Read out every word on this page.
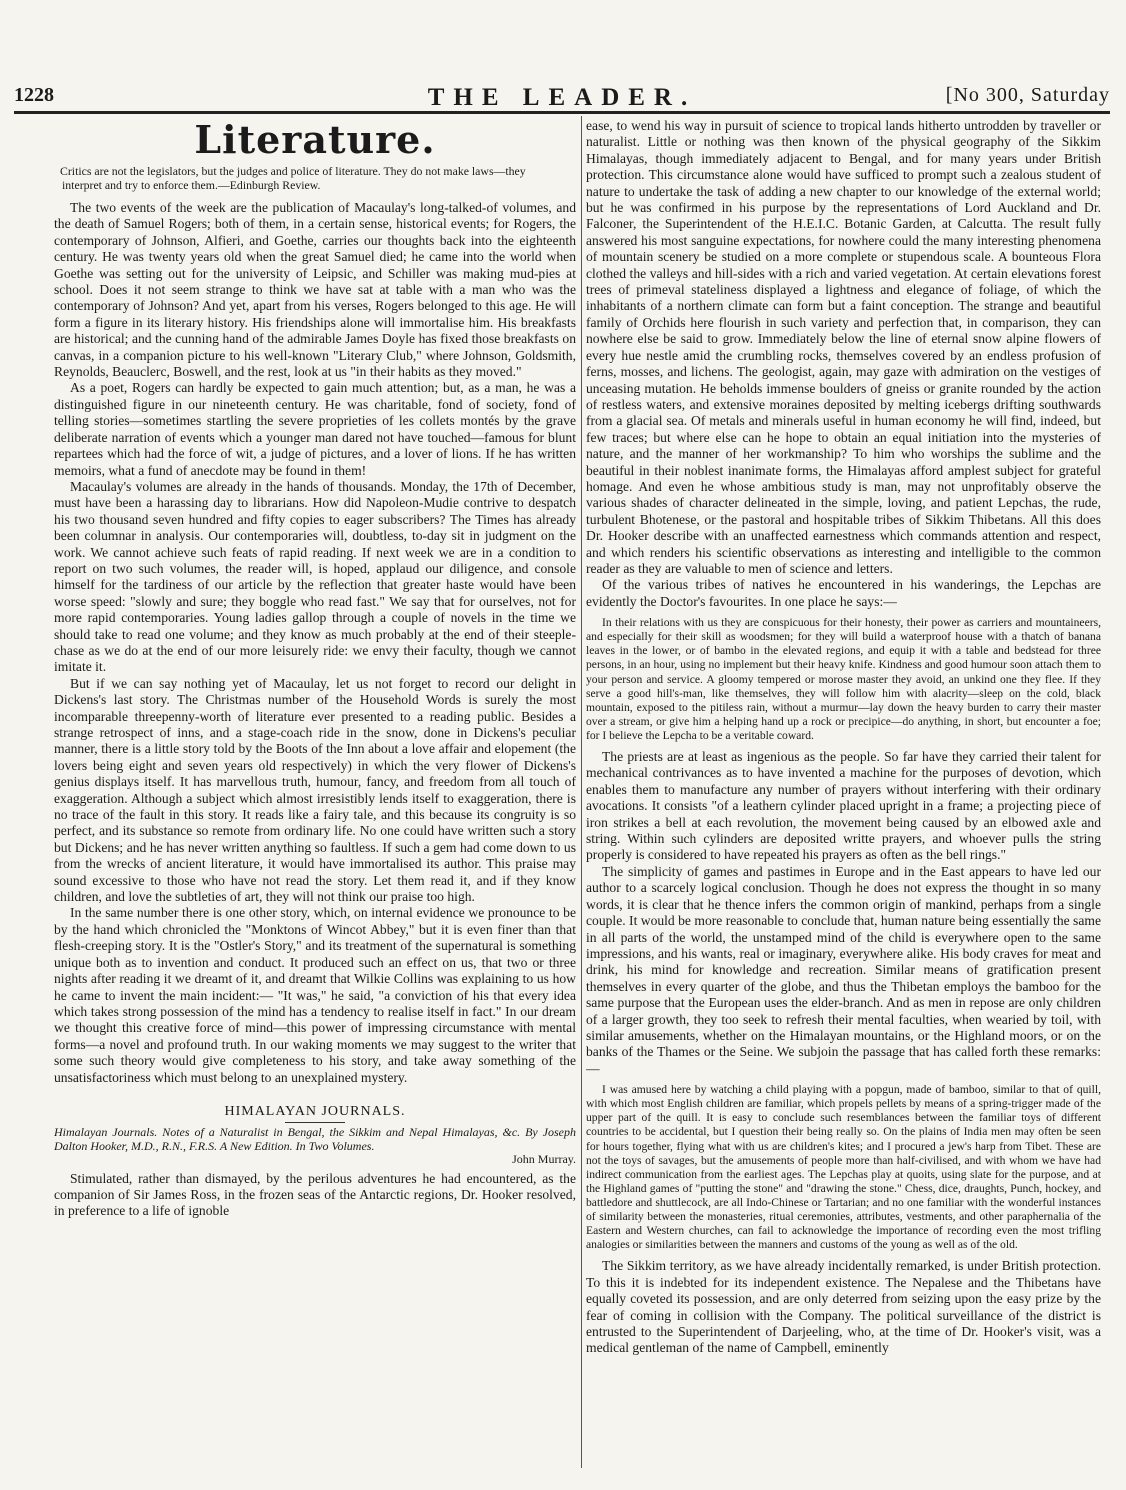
1228	THE LEADER.	[No 300, Saturday
Literature.

Critics are not the legislators, but the judges and police of literature. They do not make laws—they interpret and try to enforce them.—Edinburgh Review.

The two events of the week are the publication of Macaulay's long-talked-of volumes, and the death of Samuel Rogers; both of them, in a certain sense, historical events; for Rogers, the contemporary of Johnson, Alfieri, and Goethe, carries our thoughts back into the eighteenth century. He was twenty years old when the great Samuel died; he came into the world when Goethe was setting out for the university of Leipsic, and Schiller was making mud-pies at school. Does it not seem strange to think we have sat at table with a man who was the contemporary of Johnson? And yet, apart from his verses, Rogers belonged to this age. He will form a figure in its literary history. His friendships alone will immortalise him. His breakfasts are historical; and the cunning hand of the admirable James Doyle has fixed those breakfasts on canvas, in a companion picture to his well-known "Literary Club," where Johnson, Goldsmith, Reynolds, Beauclerc, Boswell, and the rest, look at us "in their habits as they moved."

As a poet, Rogers can hardly be expected to gain much attention; but, as a man, he was a distinguished figure in our nineteenth century. He was charitable, fond of society, fond of telling stories—sometimes startling the severe proprieties of les collets montés by the grave deliberate narration of events which a younger man dared not have touched—famous for blunt repartees which had the force of wit, a judge of pictures, and a lover of lions. If he has written memoirs, what a fund of anecdote may be found in them!

Macaulay's volumes are already in the hands of thousands. Monday, the 17th of December, must have been a harassing day to librarians. How did Napoleon-Mudie contrive to despatch his two thousand seven hundred and fifty copies to eager subscribers? The Times has already been columnar in analysis. Our contemporaries will, doubtless, to-day sit in judgment on the work. We cannot achieve such feats of rapid reading. If next week we are in a condition to report on two such volumes, the reader will, is hoped, applaud our diligence, and console himself for the tardiness of our article by the reflection that greater haste would have been worse speed: "slowly and sure; they boggle who read fast." We say that for ourselves, not for more rapid contemporaries. Young ladies gallop through a couple of novels in the time we should take to read one volume; and they know as much probably at the end of their steeple-chase as we do at the end of our more leisurely ride: we envy their faculty, though we cannot imitate it.

But if we can say nothing yet of Macaulay, let us not forget to record our delight in Dickens's last story. The Christmas number of the Household Words is surely the most incomparable threepenny-worth of literature ever presented to a reading public. Besides a strange retrospect of inns, and a stage-coach ride in the snow, done in Dickens's peculiar manner, there is a little story told by the Boots of the Inn about a love affair and elopement (the lovers being eight and seven years old respectively) in which the very flower of Dickens's genius displays itself. It has marvellous truth, humour, fancy, and freedom from all touch of exaggeration. Although a subject which almost irresistibly lends itself to exaggeration, there is no trace of the fault in this story. It reads like a fairy tale, and this because its congruity is so perfect, and its substance so remote from ordinary life. No one could have written such a story but Dickens; and he has never written anything so faultless. If such a gem had come down to us from the wrecks of ancient literature, it would have immortalised its author. This praise may sound excessive to those who have not read the story. Let them read it, and if they know children, and love the subtleties of art, they will not think our praise too high.

In the same number there is one other story, which, on internal evidence we pronounce to be by the hand which chronicled the "Monktons of Wincot Abbey," but it is even finer than that flesh-creeping story. It is the "Ostler's Story," and its treatment of the supernatural is something unique both as to invention and conduct. It produced such an effect on us, that two or three nights after reading it we dreamt of it, and dreamt that Wilkie Collins was explaining to us how he came to invent the main incident:— "It was," he said, "a conviction of his that every idea which takes strong possession of the mind has a tendency to realise itself in fact." In our dream we thought this creative force of mind—this power of impressing circumstance with mental forms—a novel and profound truth. In our waking moments we may suggest to the writer that some such theory would give completeness to his story, and take away something of the unsatisfactoriness which must belong to an unexplained mystery.

HIMALAYAN JOURNALS.

Himalayan Journals. Notes of a Naturalist in Bengal, the Sikkim and Nepal Himalayas, &c. By Joseph Dalton Hooker, M.D., R.N., F.R.S. A New Edition. In Two Volumes.
John Murray.

Stimulated, rather than dismayed, by the perilous adventures he had encountered, as the companion of Sir James Ross, in the frozen seas of the Antarctic regions, Dr. Hooker resolved, in preference to a life of ignoble

ease, to wend his way in pursuit of science to tropical lands hitherto untrodden by traveller or naturalist. Little or nothing was then known of the physical geography of the Sikkim Himalayas, though immediately adjacent to Bengal, and for many years under British protection. This circumstance alone would have sufficed to prompt such a zealous student of nature to undertake the task of adding a new chapter to our knowledge of the external world; but he was confirmed in his purpose by the representations of Lord Auckland and Dr. Falconer, the Superintendent of the H.E.I.C. Botanic Garden, at Calcutta. The result fully answered his most sanguine expectations, for nowhere could the many interesting phenomena of mountain scenery be studied on a more complete or stupendous scale. A bounteous Flora clothed the valleys and hill-sides with a rich and varied vegetation. At certain elevations forest trees of primeval stateliness displayed a lightness and elegance of foliage, of which the inhabitants of a northern climate can form but a faint conception. The strange and beautiful family of Orchids here flourish in such variety and perfection that, in comparison, they can nowhere else be said to grow. Immediately below the line of eternal snow alpine flowers of every hue nestle amid the crumbling rocks, themselves covered by an endless profusion of ferns, mosses, and lichens. The geologist, again, may gaze with admiration on the vestiges of unceasing mutation. He beholds immense boulders of gneiss or granite rounded by the action of restless waters, and extensive moraines deposited by melting icebergs drifting southwards from a glacial sea. Of metals and minerals useful in human economy he will find, indeed, but few traces; but where else can he hope to obtain an equal initiation into the mysteries of nature, and the manner of her workmanship? To him who worships the sublime and the beautiful in their noblest inanimate forms, the Himalayas afford amplest subject for grateful homage. And even he whose ambitious study is man, may not unprofitably observe the various shades of character delineated in the simple, loving, and patient Lepchas, the rude, turbulent Bhotenese, or the pastoral and hospitable tribes of Sikkim Thibetans. All this does Dr. Hooker describe with an unaffected earnestness which commands attention and respect, and which renders his scientific observations as interesting and intelligible to the common reader as they are valuable to men of science and letters.

Of the various tribes of natives he encountered in his wanderings, the Lepchas are evidently the Doctor's favourites. In one place he says:—

In their relations with us they are conspicuous for their honesty, their power as carriers and mountaineers, and especially for their skill as woodsmen; for they will build a waterproof house with a thatch of banana leaves in the lower, or of bambo in the elevated regions, and equip it with a table and bedstead for three persons, in an hour, using no implement but their heavy knife. Kindness and good humour soon attach them to your person and service. A gloomy tempered or morose master they avoid, an unkind one they flee. If they serve a good hill's-man, like themselves, they will follow him with alacrity—sleep on the cold, black mountain, exposed to the pitiless rain, without a murmur—lay down the heavy burden to carry their master over a stream, or give him a helping hand up a rock or precipice—do anything, in short, but encounter a foe; for I believe the Lepcha to be a veritable coward.

The priests are at least as ingenious as the people. So far have they carried their talent for mechanical contrivances as to have invented a machine for the purposes of devotion, which enables them to manufacture any number of prayers without interfering with their ordinary avocations. It consists "of a leathern cylinder placed upright in a frame; a projecting piece of iron strikes a bell at each revolution, the movement being caused by an elbowed axle and string. Within such cylinders are deposited writte prayers, and whoever pulls the string properly is considered to have repeated his prayers as often as the bell rings."

The simplicity of games and pastimes in Europe and in the East appears to have led our author to a scarcely logical conclusion. Though he does not express the thought in so many words, it is clear that he thence infers the common origin of mankind, perhaps from a single couple. It would be more reasonable to conclude that, human nature being essentially the same in all parts of the world, the unstamped mind of the child is everywhere open to the same impressions, and his wants, real or imaginary, everywhere alike. His body craves for meat and drink, his mind for knowledge and recreation. Similar means of gratification present themselves in every quarter of the globe, and thus the Thibetan employs the bamboo for the same purpose that the European uses the elder-branch. And as men in repose are only children of a larger growth, they too seek to refresh their mental faculties, when wearied by toil, with similar amusements, whether on the Himalayan mountains, or the Highland moors, or on the banks of the Thames or the Seine. We subjoin the passage that has called forth these remarks:—

I was amused here by watching a child playing with a popgun, made of bamboo, similar to that of quill, with which most English children are familiar, which propels pellets by means of a spring-trigger made of the upper part of the quill. It is easy to conclude such resemblances between the familiar toys of different countries to be accidental, but I question their being really so. On the plains of India men may often be seen for hours together, flying what with us are children's kites; and I procured a jew's harp from Tibet. These are not the toys of savages, but the amusements of people more than half-civilised, and with whom we have had indirect communication from the earliest ages. The Lepchas play at quoits, using slate for the purpose, and at the Highland games of "putting the stone" and "drawing the stone." Chess, dice, draughts, Punch, hockey, and battledore and shuttlecock, are all Indo-Chinese or Tartarian; and no one familiar with the wonderful instances of similarity between the monasteries, ritual ceremonies, attributes, vestments, and other paraphernalia of the Eastern and Western churches, can fail to acknowledge the importance of recording even the most trifling analogies or similarities between the manners and customs of the young as well as of the old.

The Sikkim territory, as we have already incidentally remarked, is under British protection. To this it is indebted for its independent existence. The Nepalese and the Thibetans have equally coveted its possession, and are only deterred from seizing upon the easy prize by the fear of coming in collision with the Company. The political surveillance of the district is entrusted to the Superintendent of Darjeeling, who, at the time of Dr. Hooker's visit, was a medical gentleman of the name of Campbell, eminently
